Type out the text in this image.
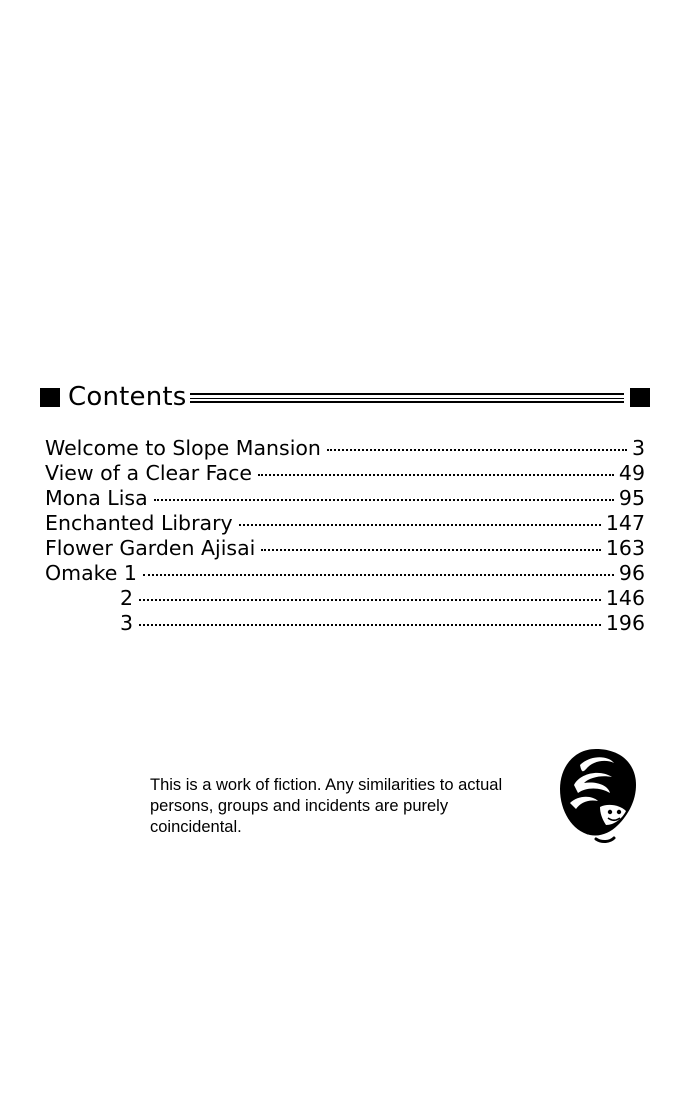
Contents
Welcome to Slope Mansion	3
View of a Clear Face	49
Mona Lisa	95
Enchanted Library	147
Flower Garden Ajisai	163
Omake 1	96
2	146
3	196
This is a work of fiction. Any similarities to actual persons, groups and incidents are purely coincidental.
